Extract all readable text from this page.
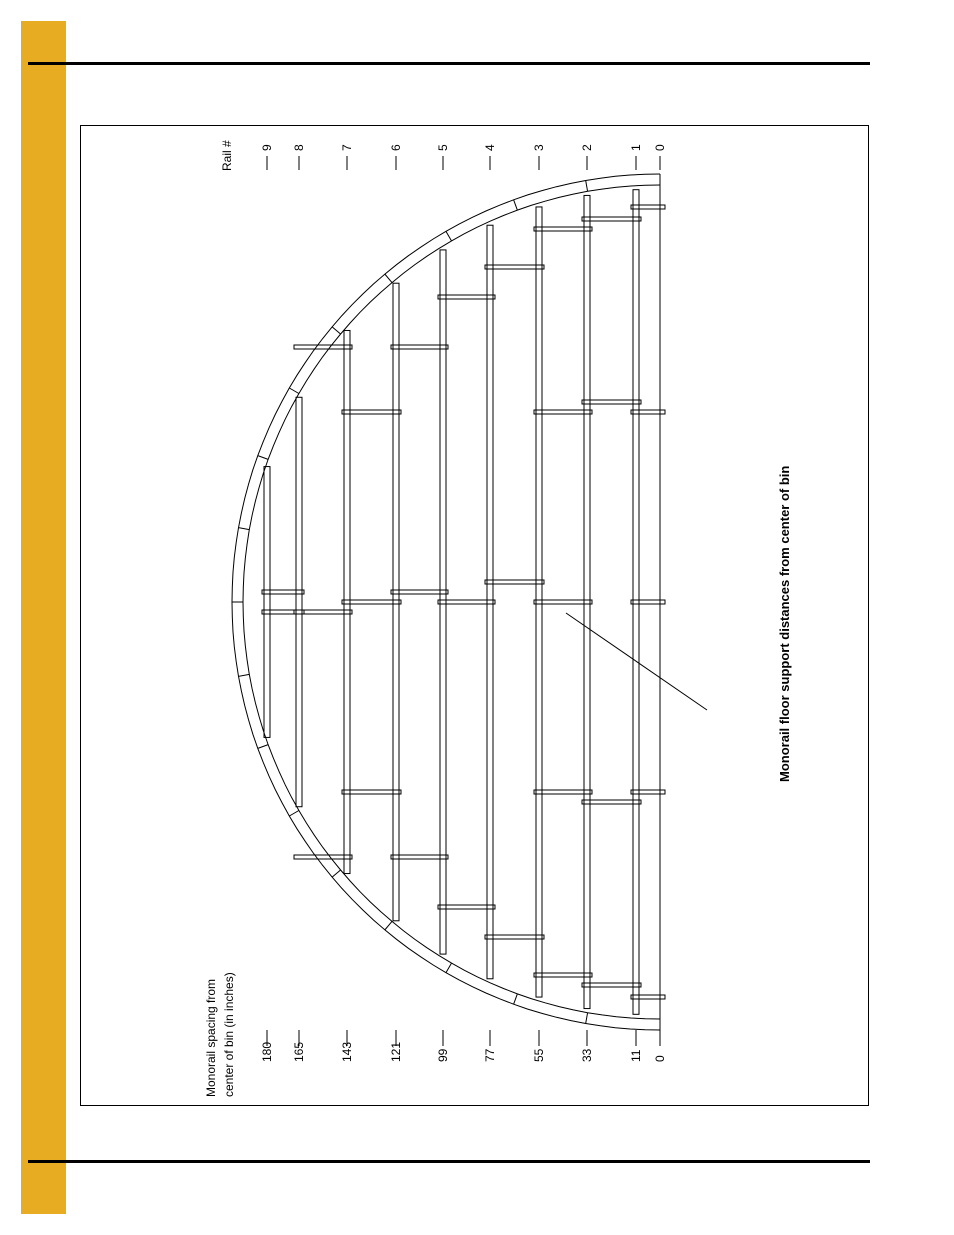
0
0
1
11
2
33
3
55
4
77
5
99
6
121
7
143
8
165
9
180
Rail #
Monorail spacing from center of bin (in inches)
Monorail floor support distances from center of bin
